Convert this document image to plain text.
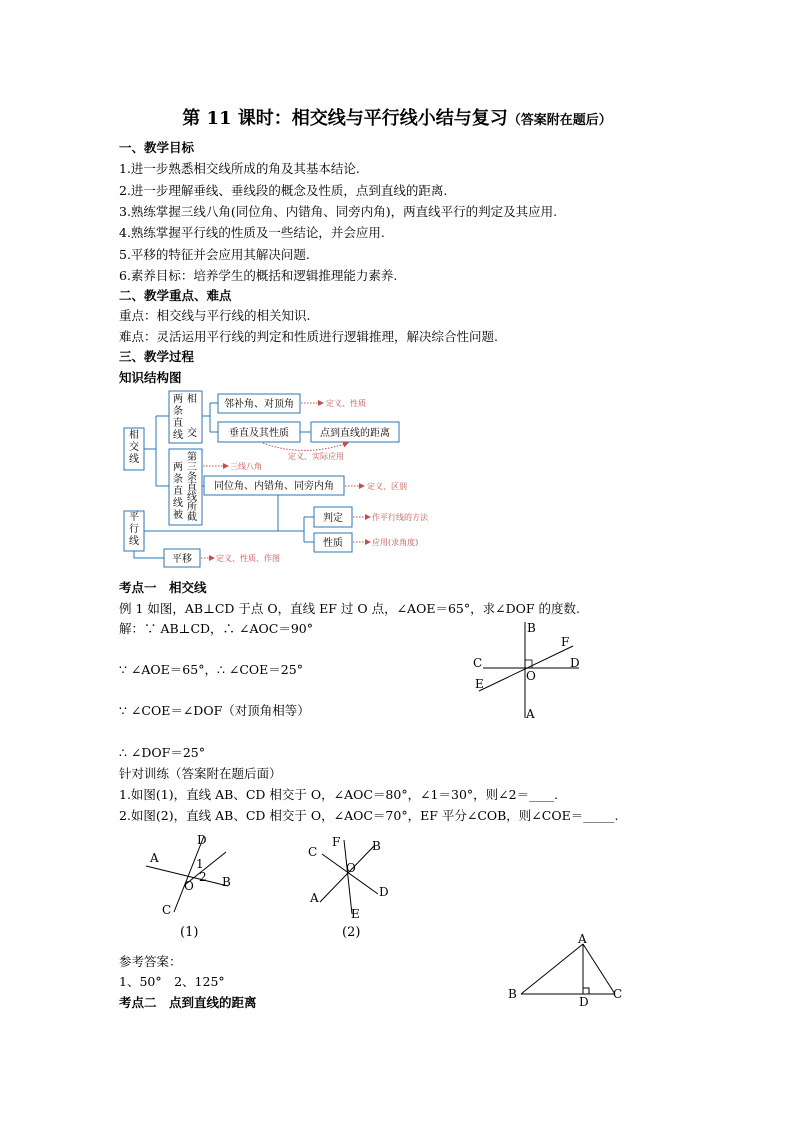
第 11 课时：相交线与平行线小结与复习（答案附在题后）
一、教学目标
1.进一步熟悉相交线所成的角及其基本结论.
2.进一步理解垂线、垂线段的概念及性质，点到直线的距离.
3.熟练掌握三线八角(同位角、内错角、同旁内角)，两直线平行的判定及其应用.
4.熟练掌握平行线的性质及一些结论，并会应用.
5.平移的特征并会应用其解决问题.
6.素养目标：培养学生的概括和逻辑推理能力素养.
二、教学重点、难点
重点：相交线与平行线的相关知识.
难点：灵活运用平行线的判定和性质进行逻辑推理，解决综合性问题.
三、教学过程
知识结构图
相
交
线
平
行
线
两
条
直
线
相
交
两
条
直
线
被
第
三
条
直
线
所
截
邻补角、对顶角
垂直及其性质	点到直线的距离
同位角、内错角、同旁内角
判定
性质
平移
定义、性质
定义、实际应用
三线八角
定义、区别
作平行线的方法
应用(求角度)
定义、性质、作图
考点一　相交线
例 1 如图，AB⊥CD 于点 O，直线 EF 过 O 点，∠AOE＝65°，求∠DOF 的度数.
解：∵ AB⊥CD，∴ ∠AOC＝90°
∵ ∠AOE＝65°，∴ ∠COE＝25°
∵ ∠COE＝∠DOF（对顶角相等）
∴ ∠DOF＝25°
针对训练（答案附在题后面）
1.如图(1)，直线 AB、CD 相交于 O，∠AOC＝80°，∠1＝30°，则∠2＝____.
2.如图(2)，直线 AB、CD 相交于 O，∠AOC＝70°，EF 平分∠COB，则∠COE＝_____.
B
F
C	D
O
E
A
D
A	1
2 B
O
C
(1)
F
C	B
O
D
A
E
(2)
参考答案：
1、50°　2、125°
考点二　点到直线的距离
A
B	C
D
